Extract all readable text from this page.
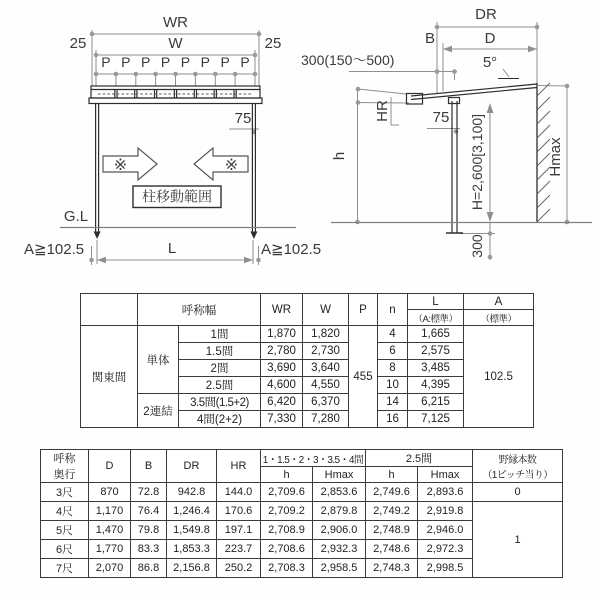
WR
25	W	25
P P P P P P P P
75
※	※
柱移動範囲
G.L
A≧102.5	L	A≧102.5
DR
B	D
300(150～500)	5°
HR	75
h	H=2,600[3,100]	Hmax
300
	呼称幅		WR	W	P	n	L	A
							（A:標準）	（標準）
関東間	単体	1間	1,870	1,820	455	4	1,665	102.5
		1.5間	2,780	2,730		6	2,575	
		2間	3,690	3,640		8	3,485	
		2.5間	4,600	4,550		10	4,395	
	2連結	3.5間(1.5+2)	6,420	6,370		14	6,215	
		4間(2+2)	7,330	7,280		16	7,125	
呼称
奥行	D	B	DR	HR	1・1.5・2・3・3.5・4間		2.5間		野縁本数
（1ピッチ当り）
					h	Hmax	h	Hmax	
3尺	870	72.8	942.8	144.0	2,709.6	2,853.6	2,749.6	2,893.6	0
4尺	1,170	76.4	1,246.4	170.6	2,709.2	2,879.8	2,749.2	2,919.8	1
5尺	1,470	79.8	1,549.8	197.1	2,708.9	2,906.0	2,748.9	2,946.0	
6尺	1,770	83.3	1,853.3	223.7	2,708.6	2,932.3	2,748.6	2,972.3	
7尺	2,070	86.8	2,156.8	250.2	2,708.3	2,958.5	2,748.3	2,998.5	
